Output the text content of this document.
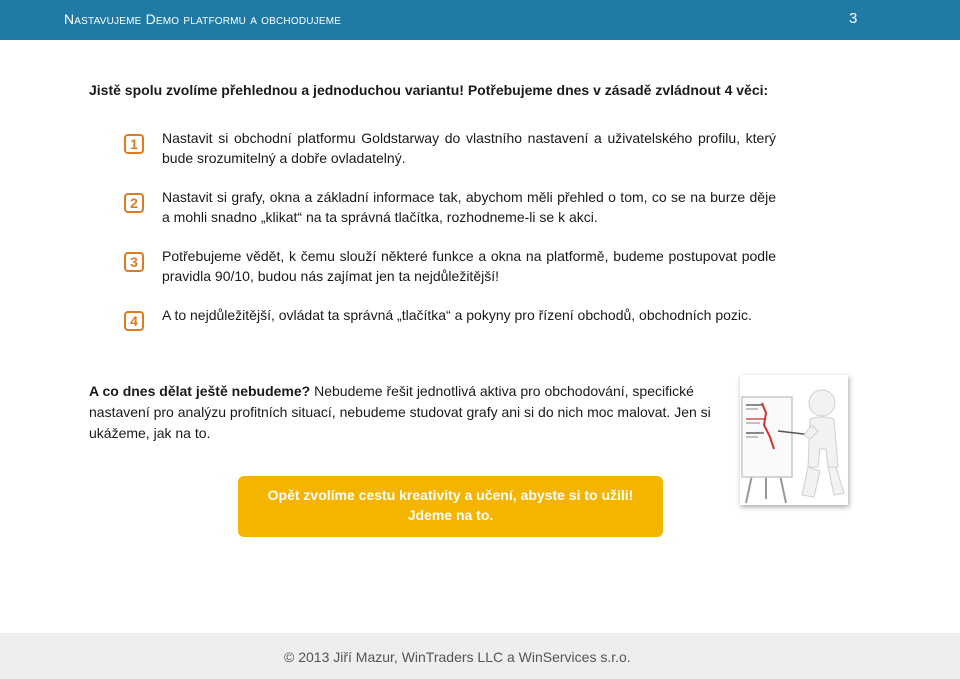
Nastavujeme Demo platformu a obchodujeme	3
Jistě spolu zvolíme přehlednou a jednoduchou variantu! Potřebujeme dnes v zásadě zvládnout 4 věci:
1	Nastavit si obchodní platformu Goldstarway do vlastního nastavení a uživatelského profilu, který bude srozumitelný a dobře ovladatelný.
2	Nastavit si grafy, okna a základní informace tak, abychom měli přehled o tom, co se na burze děje a mohli snadno „klikat“ na ta správná tlačítka, rozhodneme-li se k akci.
3	Potřebujeme vědět, k čemu slouží některé funkce a okna na platformě, budeme postupovat podle pravidla 90/10, budou nás zajímat jen ta nejdůležitější!
4	A to nejdůležitější, ovládat ta správná „tlačítka“ a pokyny pro řízení obchodů, obchodních pozic.
A co dnes dělat ještě nebudeme? Nebudeme řešit jednotlivá aktiva pro obchodování, specifické nastavení pro analýzu profitních situací, nebudeme studovat grafy ani si do nich moc malovat. Jen si ukážeme, jak na to.
Opět zvolíme cestu kreativity a učení, abyste si to užili!
Jdeme na to.
© 2013 Jiří Mazur, WinTraders LLC a WinServices s.r.o.
